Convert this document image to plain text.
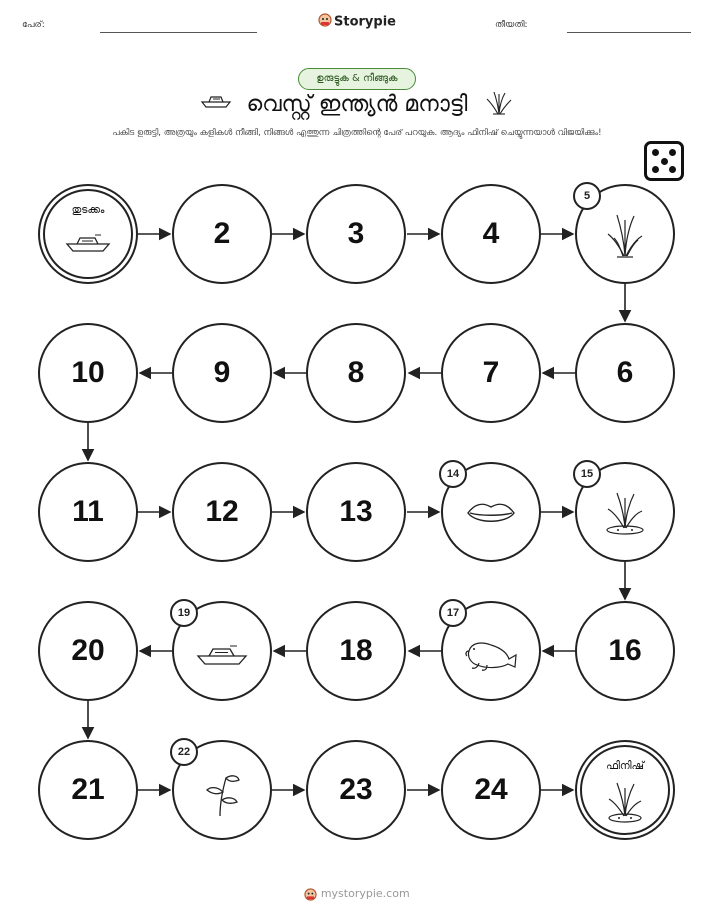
പേര്:	Storypie	തീയതി:
ഉരുട്ടുക & നീങ്ങുക
വെസ്റ്റ് ഇന്ത്യൻ മനാട്ടി
പകിട ഉരുട്ടി, അത്രയും കളികൾ നീങ്ങി, നിങ്ങൾ എത്തുന്ന ചിത്രത്തിന്റെ പേര് പറയുക. ആദ്യം ഫിനിഷ് ചെയ്യുന്നയാൾ വിജയിക്കും!
തുടക്കം
2	3	4
5
10	9	8	7	6
11	12	13
14	15
20
19
18
17
16
21
22
23	24
ഫിനിഷ്
mystorypie.com
